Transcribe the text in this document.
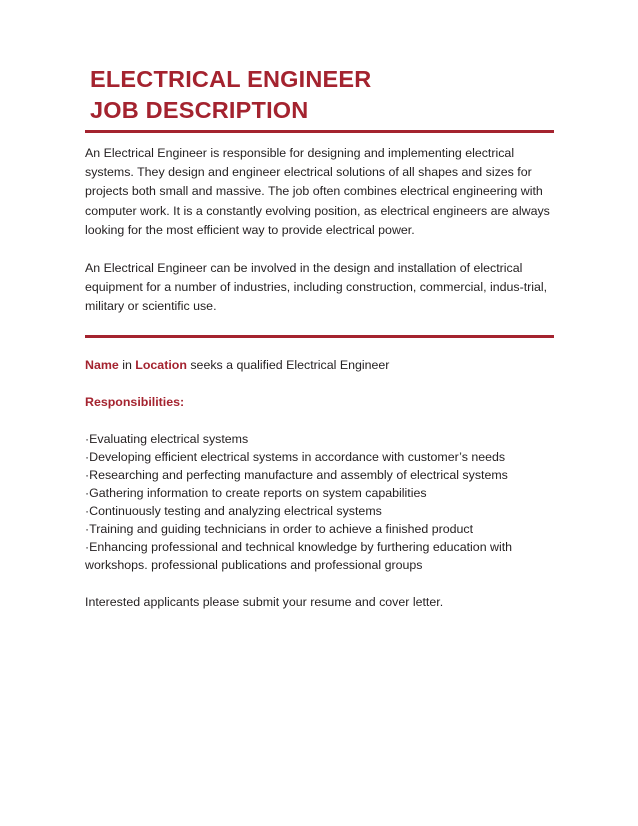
ELECTRICAL ENGINEER
JOB DESCRIPTION

An Electrical Engineer is responsible for designing and implementing electrical systems. They design and engineer electrical solutions of all shapes and sizes for projects both small and massive. The job often combines electrical engineering with computer work. It is a constantly evolving position, as electrical engineers are always looking for the most efficient way to provide electrical power.

An Electrical Engineer can be involved in the design and installation of electrical equipment for a number of industries, including construction, commercial, indus-trial, military or scientific use.

Name in Location seeks a qualified Electrical Engineer

Responsibilities:

·Evaluating electrical systems
·Developing efficient electrical systems in accordance with customer’s needs
·Researching and perfecting manufacture and assembly of electrical systems
·Gathering information to create reports on system capabilities
·Continuously testing and analyzing electrical systems
·Training and guiding technicians in order to achieve a finished product
·Enhancing professional and technical knowledge by furthering education with workshops. professional publications and professional groups

Interested applicants please submit your resume and cover letter.
